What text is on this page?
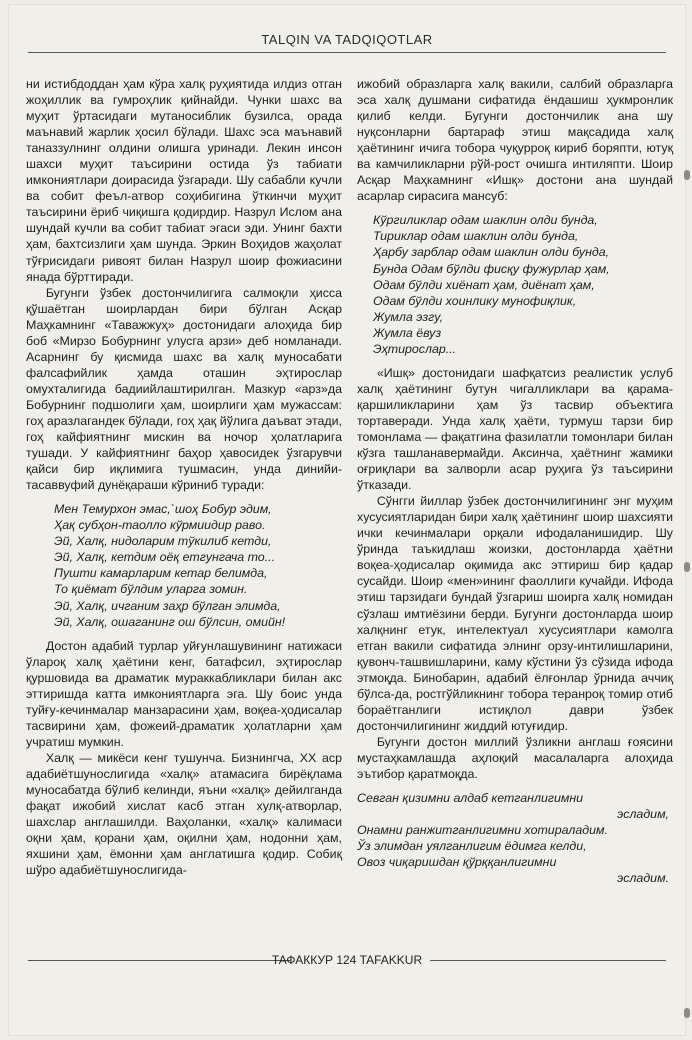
TALQIN VA TADQIQOTLAR

ни истибдоддан ҳам кўра халқ руҳиятида илдиз отган жоҳиллик ва гумроҳлик қийнайди. Чунки шахс ва муҳит ўртасидаги мутаносиблик бузилса, орада маънавий жарлик ҳосил бўлади. Шахс эса маънавий таназзулнинг олдини олишга уринади. Лекин инсон шахси муҳит таъсирини остида ўз табиати имкониятлари доирасида ўзгаради. Шу сабабли кучли ва собит феъл-атвор соҳибигина ўткинчи муҳит таъсирини ёриб чиқишга қодирдир. Назрул Ислом ана шундай кучли ва собит табиат эгаси эди. Унинг бахти ҳам, бахтсизлиги ҳам шунда. Эркин Воҳидов жаҳолат тўғрисидаги ривоят билан Назрул шоир фожиасини янада бўрттиради.

Бугунги ўзбек достончилигига салмоқли ҳисса қўшаётган шоирлардан бири бўлган Асқар Маҳкамнинг «Таважжуҳ» достонидаги алоҳида бир боб «Мирзо Бобурнинг улусга арзи» деб номланади. Асарнинг бу қисмида шахс ва халқ муносабати фалсафийлик ҳамда оташин эҳтирослар омухталигида бадиийлаштирилган. Мазкур «арз»да Бобурнинг подшолиги ҳам, шоирлиги ҳам мужассам: гоҳ аразлагандек бўлади, гоҳ ҳақ йўлига даъват этади, гоҳ кайфиятнинг мискин ва ночор ҳолатларига тушади. У кайфиятнинг баҳор ҳавосидек ўзгарувчи қайси бир иқлимига тушмасин, унда динийи-тасаввуфий дунёқараши кўриниб туради:

Мен Темурхон эмас,`шоҳ Бобур эдим,
Ҳақ субҳон-таолло кўрмиидир раво.
Эй, Халқ, нидоларим тўкилиб кетди,
Эй, Халқ, кетдим оёқ етгунгача то...
Пушти камарларим кетар белимда,
То қиёмат бўлдим уларга зомин.
Эй, Халқ, ичганим заҳр бўлган элимда,
Эй, Халқ, ошаганинг ош бўлсин, омийн!

Достон адабий турлар уйғунлашувининг натижаси ўлароқ халқ ҳаётини кенг, батафсил, эҳтирослар қуршовида ва драматик мураккабликлари билан акс эттиришда катта имкониятларга эга. Шу боис унда туйғу-кечинмалар манзарасини ҳам, воқеа-ҳодисалар тасвирини ҳам, фожеий-драматик ҳолатларни ҳам учратиш мумкин.

Халқ — микёси кенг тушунча. Бизнингча, XX аср адабиётшунослигида «халқ» атамасига бирёқлама муносабатда бўлиб келинди, яъни «халқ» дейилганда фақат ижобий хислат касб этган хулқ-атворлар, шахслар англашилди. Ваҳоланки, «халқ» калимаси оқни ҳам, қорани ҳам, оқилни ҳам, нодонни ҳам, яхшини ҳам, ёмонни ҳам англатишга қодир. Собиқ шўро адабиётшунослигида-

ижобий образларга халқ вакили, салбий образларга эса халқ душмани сифатида ёндашиш ҳукмронлик қилиб келди. Бугунги достончилик ана шу нуқсонларни бартараф этиш мақсадида халқ ҳаётининг ичига тобора чуқурроқ кириб боряпти, ютуқ ва камчиликларни рўй-рост очишга интиляпти. Шоир Асқар Маҳкамнинг «Ишқ» достони ана шундай асарлар сирасига мансуб:

Кўргиликлар одам шаклин олди бунда,
Тириклар одам шаклин олди бунда,
Ҳарбу зарблар одам шаклин олди бунда,
Бунда Одам бўлди фисқу фужурлар ҳам,
Одам бўлди хиёнат ҳам, диёнат ҳам,
Одам бўлди хоинлику мунофиқлик,
Жумла эзгу,
Жумла ёвуз
Эҳтирослар...

«Ишқ» достонидаги шафқатсиз реалистик услуб халқ ҳаётининг бутун чигалликлари ва қарама-қаршиликларини ҳам ўз тасвир объектига тортаверади. Унда халқ ҳаёти, турмуш тарзи бир томонлама — фақатгина фазилатли томонлари билан кўзга ташланавермайди. Аксинча, ҳаётнинг жамики оғриқлари ва залворли асар руҳига ўз таъсирини ўтказади.

Сўнгги йиллар ўзбек достончилигининг энг муҳим хусусиятларидан бири халқ ҳаётининг шоир шахсияти ички кечинмалари орқали ифодаланишидир. Шу ўринда таъкидлаш жоизки, достонларда ҳаётни воқеа-ҳодисалар оқимида акс эттириш бир қадар сусайди. Шоир «мен»ининг фаоллиги кучайди. Ифода этиш тарзидаги бундай ўзгариш шоирга халқ номидан сўзлаш имтиёзини берди. Бугунги достонларда шоир халқнинг етук, интелектуал хусусиятлари камолга етган вакили сифатида элнинг орзу-интилишларини, қувонч-ташвишларини, каму кўстини ўз сўзида ифода этмоқда. Бинобарин, адабий ёлғонлар ўрнида аччиқ бўлса-да, ростгўйликнинг тобора теранроқ томир отиб бораётганлиги истиқлол даври ўзбек достончилигининг жиддий ютуғидир.

Бугунги достон миллий ўзликни англаш ғоясини мустаҳкамлашда аҳлоқий масалаларга алоҳида эътибор қаратмоқда.

Севган қизимни алдаб кетганлигимни
эсладим,
Онамни ранжитганлигимни хотираладим.
Ўз элимдан уялганлигим ёдимга келди,
Овоз чиқаришдан қўрққанлигимни
эсладим.
ТАФАККУР 124 TAFAKKUR
